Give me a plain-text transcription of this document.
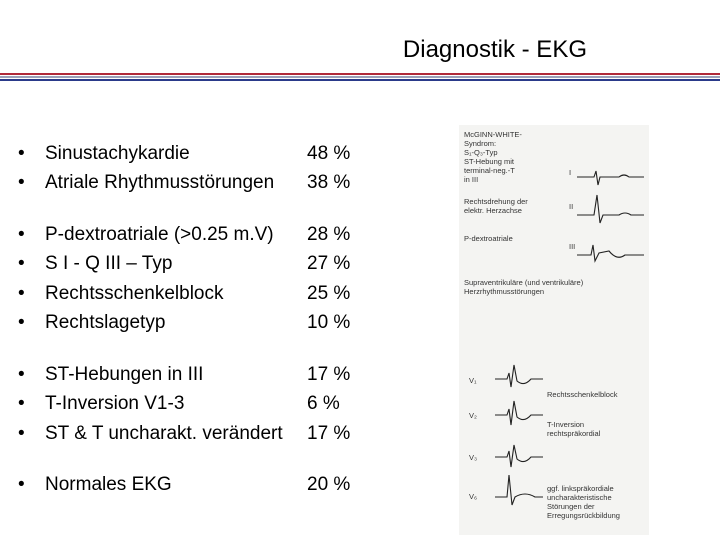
Diagnostik - EKG
•	Sinustachykardie	48 %
•	Atriale Rhythmusstörungen	38 %
•	P-dextroatriale (>0.25 m.V)	28 %
•	S I - Q III – Typ	27 %
•	Rechtsschenkelblock	25 %
•	Rechtslagetyp	10 %
•	ST-Hebungen in III	17 %
•	T-Inversion V1-3	6 %
•	ST & T uncharakt. verändert	17 %
•	Normales EKG	20 %
McGINN-WHITE-
Syndrom:
S₁-Q₃-Typ
ST-Hebung mit
terminal-neg.-T
in III
Rechtsdrehung der
elektr. Herzachse
P-dextroatriale
Supraventrikuläre (und ventrikuläre)
Herzrhythmusstörungen
I
II
III
V₁
V₂
V₃
V₆
Rechtsschenkelblock
T-Inversion
rechtspräkordial
ggf. linkspräkordiale
uncharakteristische
Störungen der
Erregungsrückbildung
